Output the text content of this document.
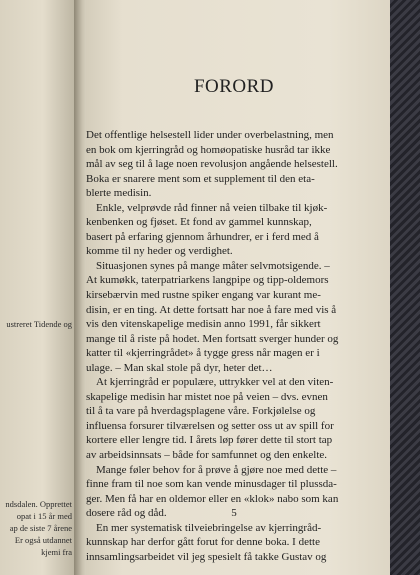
ustreret Tidende og
ndsdalen. Opprettet
opat i 15 år med
ap de siste 7 årene
Er også utdannet
kjemi fra
FORORD
Det offentlige helsestell lider under overbelastning, men
en bok om kjerringråd og homøopatiske husråd tar ikke
mål av seg til å lage noen revolusjon angående helsestell.
Boka er snarere ment som et supplement til den eta-
blerte medisin.
Enkle, velprøvde råd finner nå veien tilbake til kjøk-
kenbenken og fjøset. Et fond av gammel kunnskap,
basert på erfaring gjennom århundrer, er i ferd med å
komme til ny heder og verdighet.
Situasjonen synes på mange måter selvmotsigende. –
At kumøkk, taterpatriarkens langpipe og tipp-oldemors
kirsebærvin med rustne spiker engang var kurant me-
disin, er en ting. At dette fortsatt har noe å fare med vis å
vis den vitenskapelige medisin anno 1991, får sikkert
mange til å riste på hodet. Men fortsatt sverger hunder og
katter til «kjerringrådet» å tygge gress når magen er i
ulage. – Man skal stole på dyr, heter det…
At kjerringråd er populære, uttrykker vel at den viten-
skapelige medisin har mistet noe på veien – dvs. evnen
til å ta vare på hverdagsplagene våre. Forkjølelse og
influensa forsurer tilværelsen og setter oss ut av spill for
kortere eller lengre tid. I årets løp fører dette til stort tap
av arbeidsinnsats – både for samfunnet og den enkelte.
Mange føler behov for å prøve å gjøre noe med dette –
finne fram til noe som kan vende minusdager til plussda-
ger. Men få har en oldemor eller en «klok» nabo som kan
dosere råd og dåd.
En mer systematisk tilveiebringelse av kjerringråd-
kunnskap har derfor gått forut for denne boka. I dette
innsamlingsarbeidet vil jeg spesielt få takke Gustav og
5
